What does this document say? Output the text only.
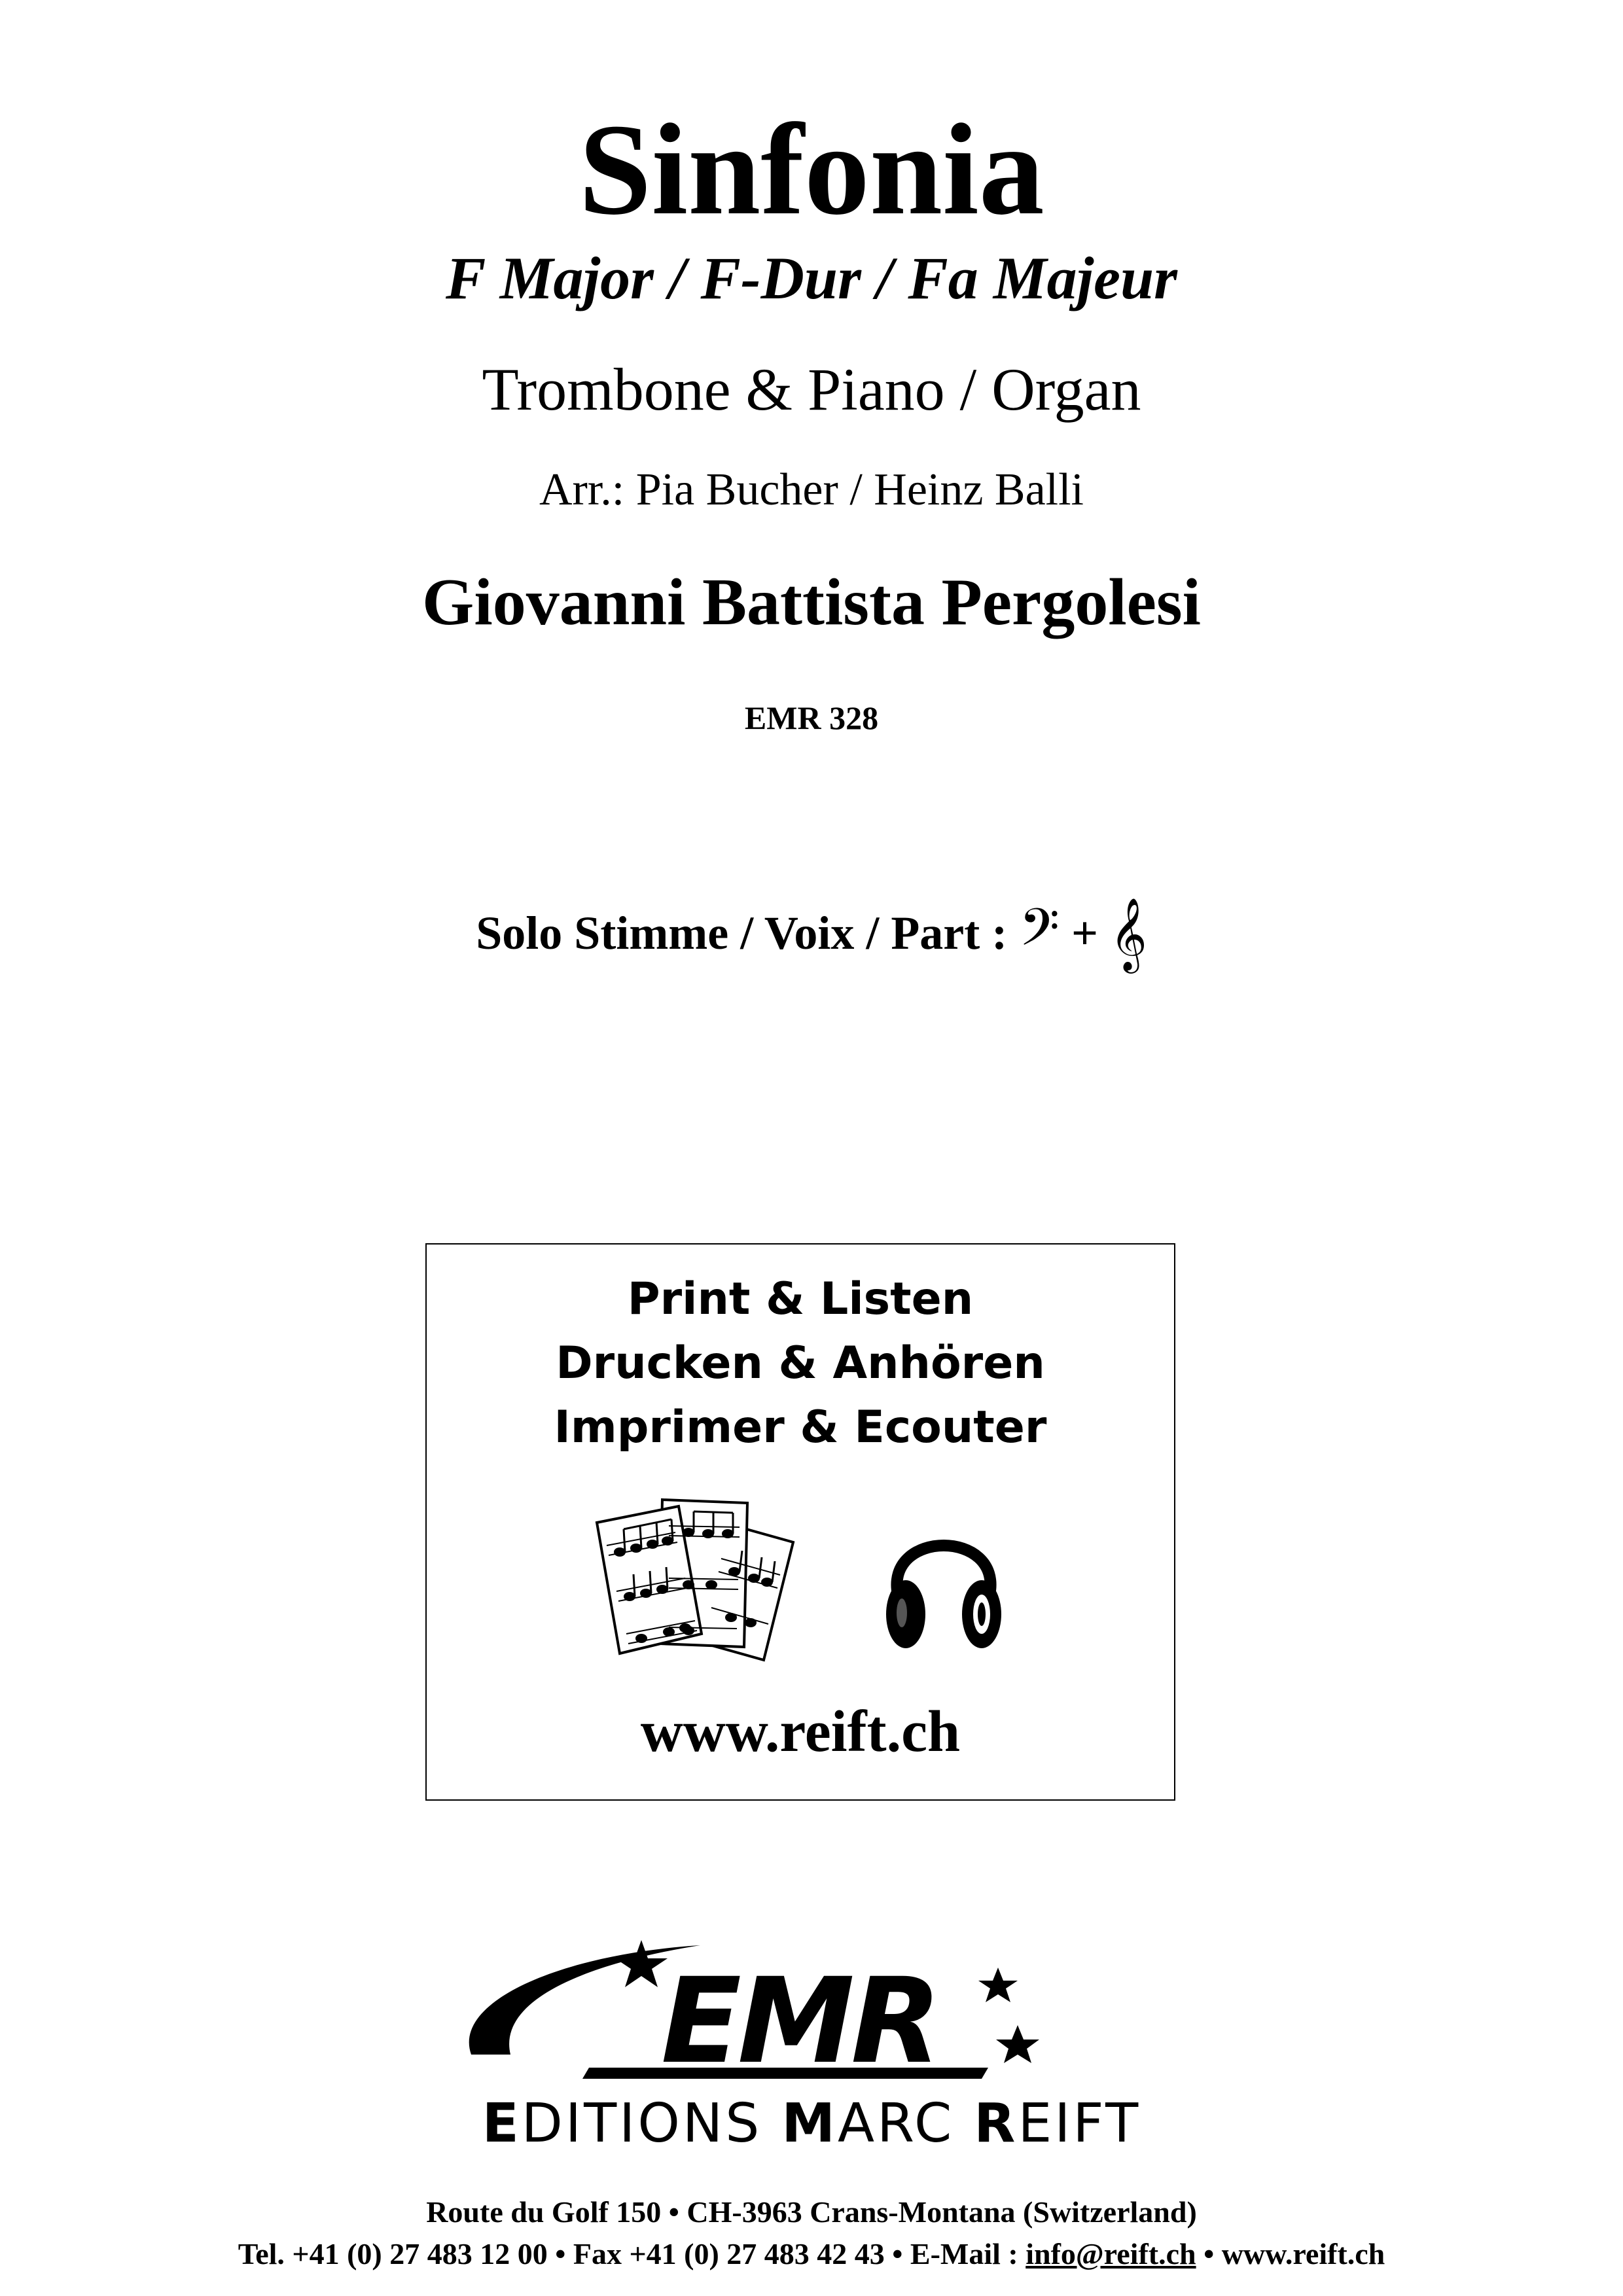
Sinfonia
F Major / F-Dur / Fa Majeur
Trombone & Piano / Organ
Arr.: Pia Bucher / Heinz Balli
Giovanni Battista Pergolesi
EMR 328
Solo Stimme / Voix / Part : 𝄢 + 𝄞
Print & Listen
Drucken & Anhören
Imprimer & Ecouter
www.reift.ch
EMR
EDITIONS MARC REIFT
Route du Golf 150 • CH-3963 Crans-Montana (Switzerland)
Tel. +41 (0) 27 483 12 00 • Fax +41 (0) 27 483 42 43 • E-Mail : info@reift.ch • www.reift.ch
